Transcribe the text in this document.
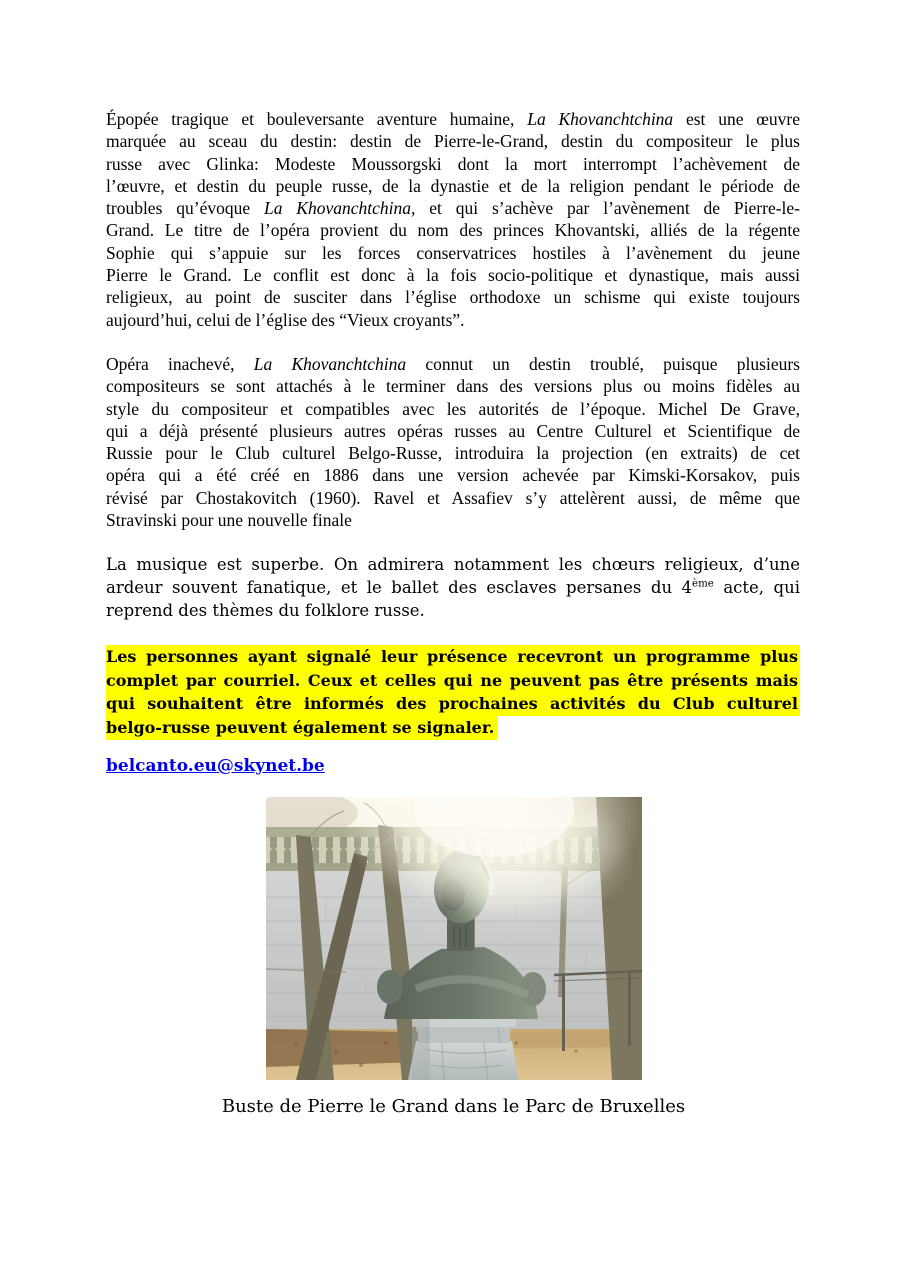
Épopée tragique et bouleversante aventure humaine, La Khovanchtchina est une œuvre
marquée au sceau du destin: destin de Pierre-le-Grand, destin du compositeur le plus
russe avec Glinka: Modeste Moussorgski dont la mort interrompt l’achèvement de
l’œuvre, et destin du peuple russe, de la dynastie et de la religion pendant le période de
troubles qu’évoque La Khovanchtchina, et qui s’achève par l’avènement de Pierre-le-
Grand. Le titre de l’opéra provient du nom des princes Khovantski, alliés de la régente
Sophie qui s’appuie sur les forces conservatrices hostiles à l’avènement du jeune
Pierre le Grand. Le conflit est donc à la fois socio-politique et dynastique, mais aussi
religieux, au point de susciter dans l’église orthodoxe un schisme qui existe toujours
aujourd’hui, celui de l’église des “Vieux croyants”.
Opéra inachevé, La Khovanchtchina connut un destin troublé, puisque plusieurs
compositeurs se sont attachés à le terminer dans des versions plus ou moins fidèles au
style du compositeur et compatibles avec les autorités de l’époque. Michel De Grave,
qui a déjà présenté plusieurs autres opéras russes au Centre Culturel et Scientifique de
Russie pour le Club culturel Belgo-Russe, introduira la projection (en extraits) de cet
opéra qui a été créé en 1886 dans une version achevée par Kimski-Korsakov, puis
révisé par Chostakovitch (1960). Ravel et Assafiev s’y attelèrent aussi, de même que
Stravinski pour une nouvelle finale
La musique est superbe. On admirera notamment les chœurs religieux, d’une
ardeur souvent fanatique, et le ballet des esclaves persanes du 4ème acte, qui
reprend des thèmes du folklore russe.
Les personnes ayant signalé leur présence recevront un programme plus
complet par courriel. Ceux et celles qui ne peuvent pas être présents mais
qui souhaitent être informés des prochaines activités du Club culturel
belgo-russe peuvent également se signaler.
belcanto.eu@skynet.be
Buste de Pierre le Grand dans le Parc de Bruxelles
